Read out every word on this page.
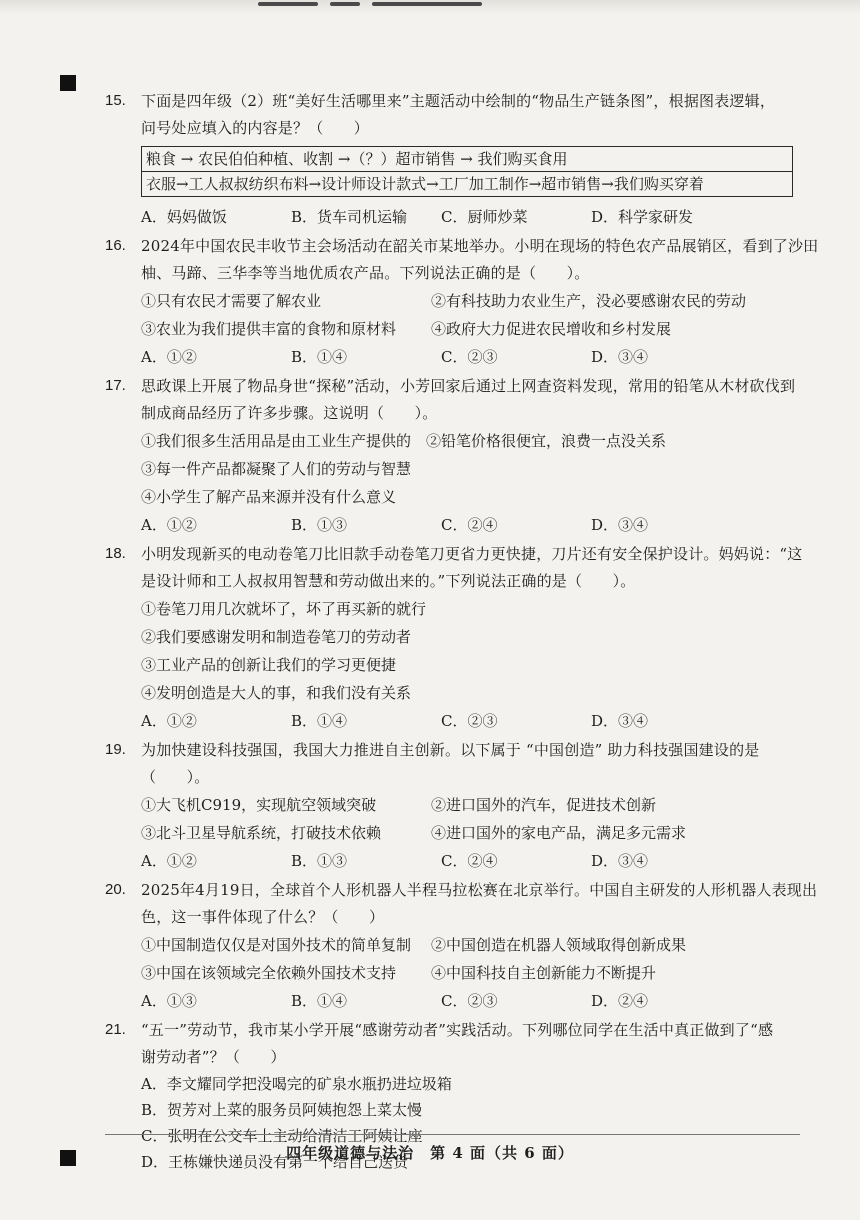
15.	下面是四年级（2）班“美好生活哪里来”主题活动中绘制的“物品生产链条图”，根据图表逻辑，
问号处应填入的内容是？（　　）
粮食 → 农民伯伯种植、收割 →（？）超市销售 → 我们购买食用
衣服→工人叔叔纺织布料→设计师设计款式→工厂加工制作→超市销售→我们购买穿着
A．妈妈做饭	B．货车司机运输	C．厨师炒菜	D．科学家研发
16.	2024年中国农民丰收节主会场活动在韶关市某地举办。小明在现场的特色农产品展销区，看到了沙田
柚、马蹄、三华李等当地优质农产品。下列说法正确的是（　　）。
①只有农民才需要了解农业	②有科技助力农业生产，没必要感谢农民的劳动
③农业为我们提供丰富的食物和原材料	④政府大力促进农民增收和乡村发展
A．①②	B．①④	C．②③	D．③④
17.	思政课上开展了物品身世“探秘”活动，小芳回家后通过上网查资料发现，常用的铅笔从木材砍伐到
制成商品经历了许多步骤。这说明（　　）。
①我们很多生活用品是由工业生产提供的　②铅笔价格很便宜，浪费一点没关系
③每一件产品都凝聚了人们的劳动与智慧
④小学生了解产品来源并没有什么意义
A．①②	B．①③	C．②④	D．③④
18.	小明发现新买的电动卷笔刀比旧款手动卷笔刀更省力更快捷，刀片还有安全保护设计。妈妈说：“这
是设计师和工人叔叔用智慧和劳动做出来的。”下列说法正确的是（　　）。
①卷笔刀用几次就坏了，坏了再买新的就行
②我们要感谢发明和制造卷笔刀的劳动者
③工业产品的创新让我们的学习更便捷
④发明创造是大人的事，和我们没有关系
A．①②	B．①④	C．②③	D．③④
19.	为加快建设科技强国，我国大力推进自主创新。以下属于 “中国创造” 助力科技强国建设的是
（　　）。
①大飞机C919，实现航空领域突破	②进口国外的汽车，促进技术创新
③北斗卫星导航系统，打破技术依赖	④进口国外的家电产品，满足多元需求
A．①②	B．①③	C．②④	D．③④
20.	2025年4月19日，全球首个人形机器人半程马拉松赛在北京举行。中国自主研发的人形机器人表现出
色，这一事件体现了什么？（　　）
①中国制造仅仅是对国外技术的简单复制	②中国创造在机器人领域取得创新成果
③中国在该领域完全依赖外国技术支持	④中国科技自主创新能力不断提升
A．①③	B．①④	C．②③	D．②④
21.	“五一”劳动节，我市某小学开展“感谢劳动者”实践活动。下列哪位同学在生活中真正做到了“感
谢劳动者”？（　　）
A．李文耀同学把没喝完的矿泉水瓶扔进垃圾箱
B．贺芳对上菜的服务员阿姨抱怨上菜太慢
C．张明在公交车上主动给清洁工阿姨让座
D．王栋嫌快递员没有第一个给自己送货
四年级道德与法治　第 4 面（共 6 面）
